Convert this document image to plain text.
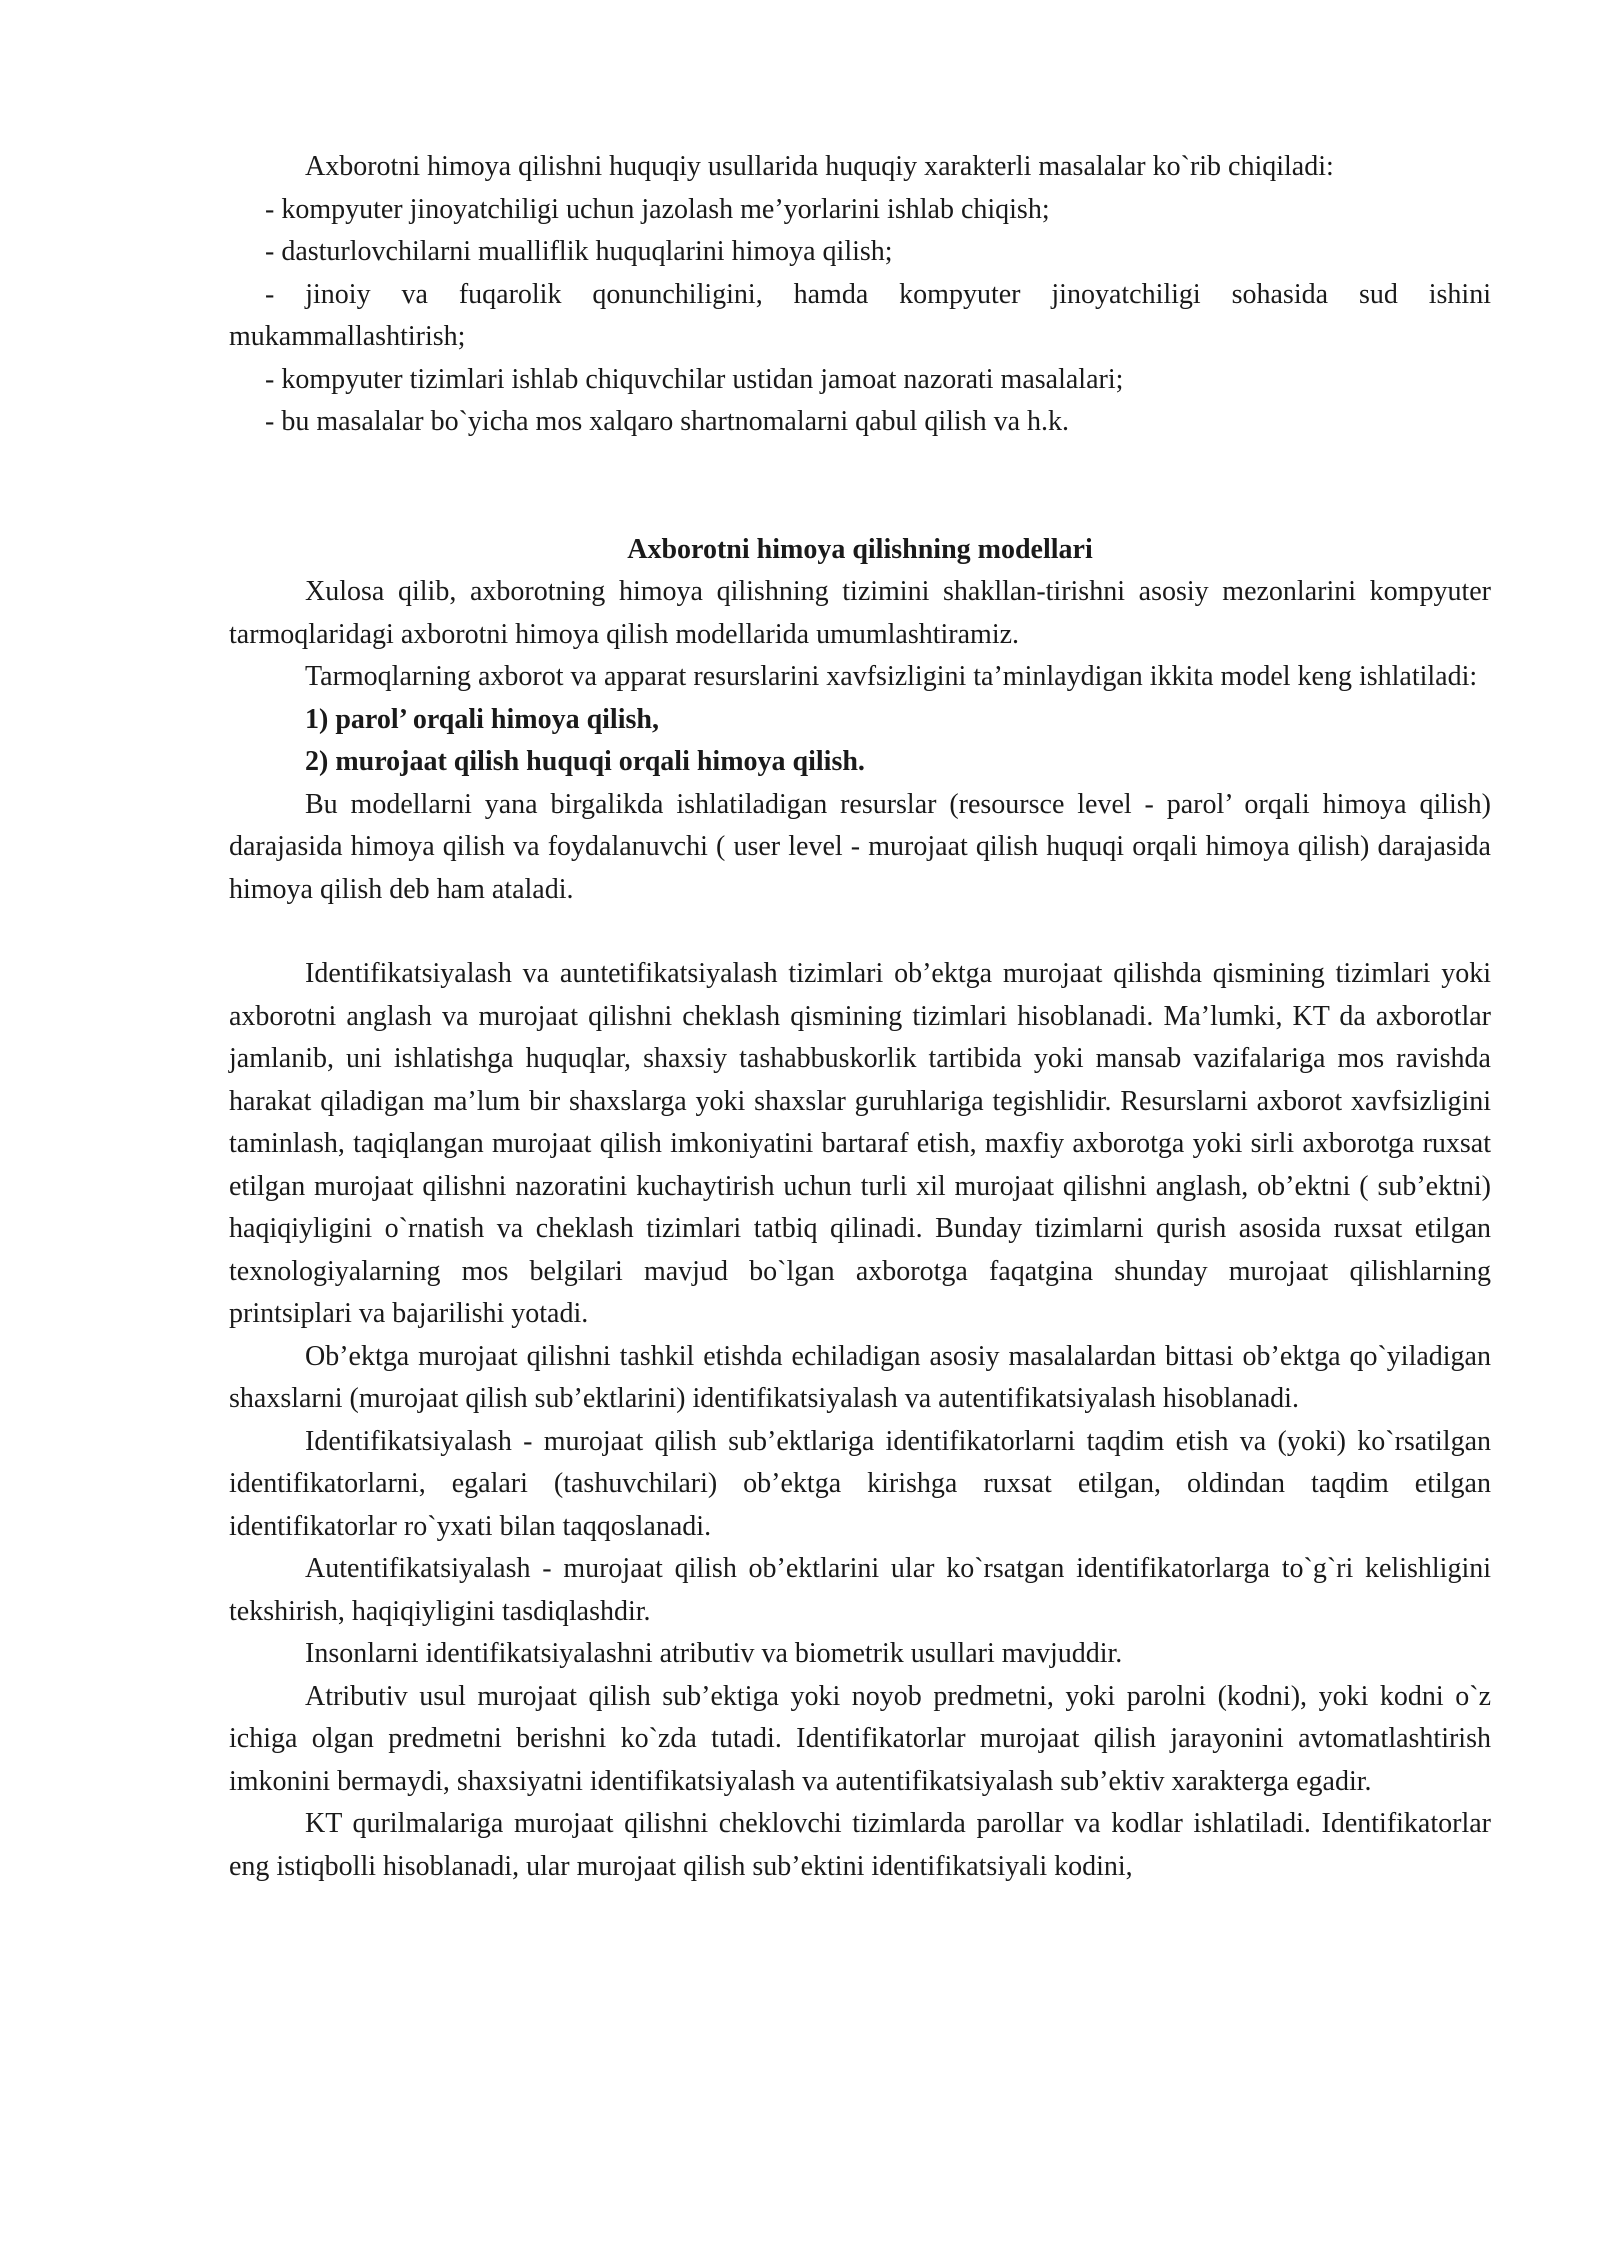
Axborotni himoya qilishni huquqiy usullarida huquqiy xarakterli masalalar ko`rib chiqiladi:

- kompyuter jinoyatchiligi uchun jazolash me’yorlarini ishlab chiqish;

- dasturlovchilarni mualliflik huquqlarini himoya qilish;

- jinoiy va fuqarolik qonunchiligini, hamda kompyuter jinoyatchiligi sohasida sud ishini mukammallashtirish;

- kompyuter tizimlari ishlab chiquvchilar ustidan jamoat nazorati masalalari;

- bu masalalar bo`yicha mos xalqaro shartnomalarni qabul qilish va h.k.

Axborotni himoya qilishning modellari

Xulosa qilib, axborotning himoya qilishning tizimini shakllan-tirishni asosiy mezonlarini kompyuter tarmoqlaridagi axborotni himoya qilish modellarida umumlashtiramiz.

Tarmoqlarning axborot va apparat resurslarini xavfsizligini ta’minlaydigan ikkita model keng ishlatiladi:

1) parol’ orqali himoya qilish,

2) murojaat qilish huquqi orqali himoya qilish.

Bu modellarni yana birgalikda ishlatiladigan resurslar (resoursce level - parol’ orqali himoya qilish) darajasida himoya qilish va foydalanuvchi ( user level - murojaat qilish huquqi orqali himoya qilish) darajasida himoya qilish deb ham ataladi.

Identifikatsiyalash va auntetifikatsiyalash tizimlari ob’ektga murojaat qilishda qismining tizimlari yoki axborotni anglash va murojaat qilishni cheklash qismining tizimlari hisoblanadi. Ma’lumki, KT da axborotlar jamlanib, uni ishlatishga huquqlar, shaxsiy tashabbuskorlik tartibida yoki mansab vazifalariga mos ravishda harakat qiladigan ma’lum bir shaxslarga yoki shaxslar guruhlariga tegishlidir. Resurslarni axborot xavfsizligini taminlash, taqiqlangan murojaat qilish imkoniyatini bartaraf etish, maxfiy axborotga yoki sirli axborotga ruxsat etilgan murojaat qilishni nazoratini kuchaytirish uchun turli xil murojaat qilishni anglash, ob’ektni ( sub’ektni) haqiqiyligini o`rnatish va cheklash tizimlari tatbiq qilinadi. Bunday tizimlarni qurish asosida ruxsat etilgan texnologiyalarning mos belgilari mavjud bo`lgan axborotga faqatgina shunday murojaat qilishlarning printsiplari va bajarilishi yotadi.

Ob’ektga murojaat qilishni tashkil etishda echiladigan asosiy masalalardan bittasi ob’ektga qo`yiladigan shaxslarni (murojaat qilish sub’ektlarini) identifikatsiyalash va autentifikatsiyalash hisoblanadi.

Identifikatsiyalash - murojaat qilish sub’ektlariga identifikatorlarni taqdim etish va (yoki) ko`rsatilgan identifikatorlarni, egalari (tashuvchilari) ob’ektga kirishga ruxsat etilgan, oldindan taqdim etilgan identifikatorlar ro`yxati bilan taqqoslanadi.

Autentifikatsiyalash - murojaat qilish ob’ektlarini ular ko`rsatgan identifikatorlarga to`g`ri kelishligini tekshirish, haqiqiyligini tasdiqlashdir.

Insonlarni identifikatsiyalashni atributiv va biometrik usullari mavjuddir.

Atributiv usul murojaat qilish sub’ektiga yoki noyob predmetni, yoki parolni (kodni), yoki kodni o`z ichiga olgan predmetni berishni ko`zda tutadi. Identifikatorlar murojaat qilish jarayonini avtomatlashtirish imkonini bermaydi, shaxsiyatni identifikatsiyalash va autentifikatsiyalash sub’ektiv xarakterga egadir.

KT qurilmalariga murojaat qilishni cheklovchi tizimlarda parollar va kodlar ishlatiladi. Identifikatorlar eng istiqbolli hisoblanadi, ular murojaat qilish sub’ektini identifikatsiyali kodini,
